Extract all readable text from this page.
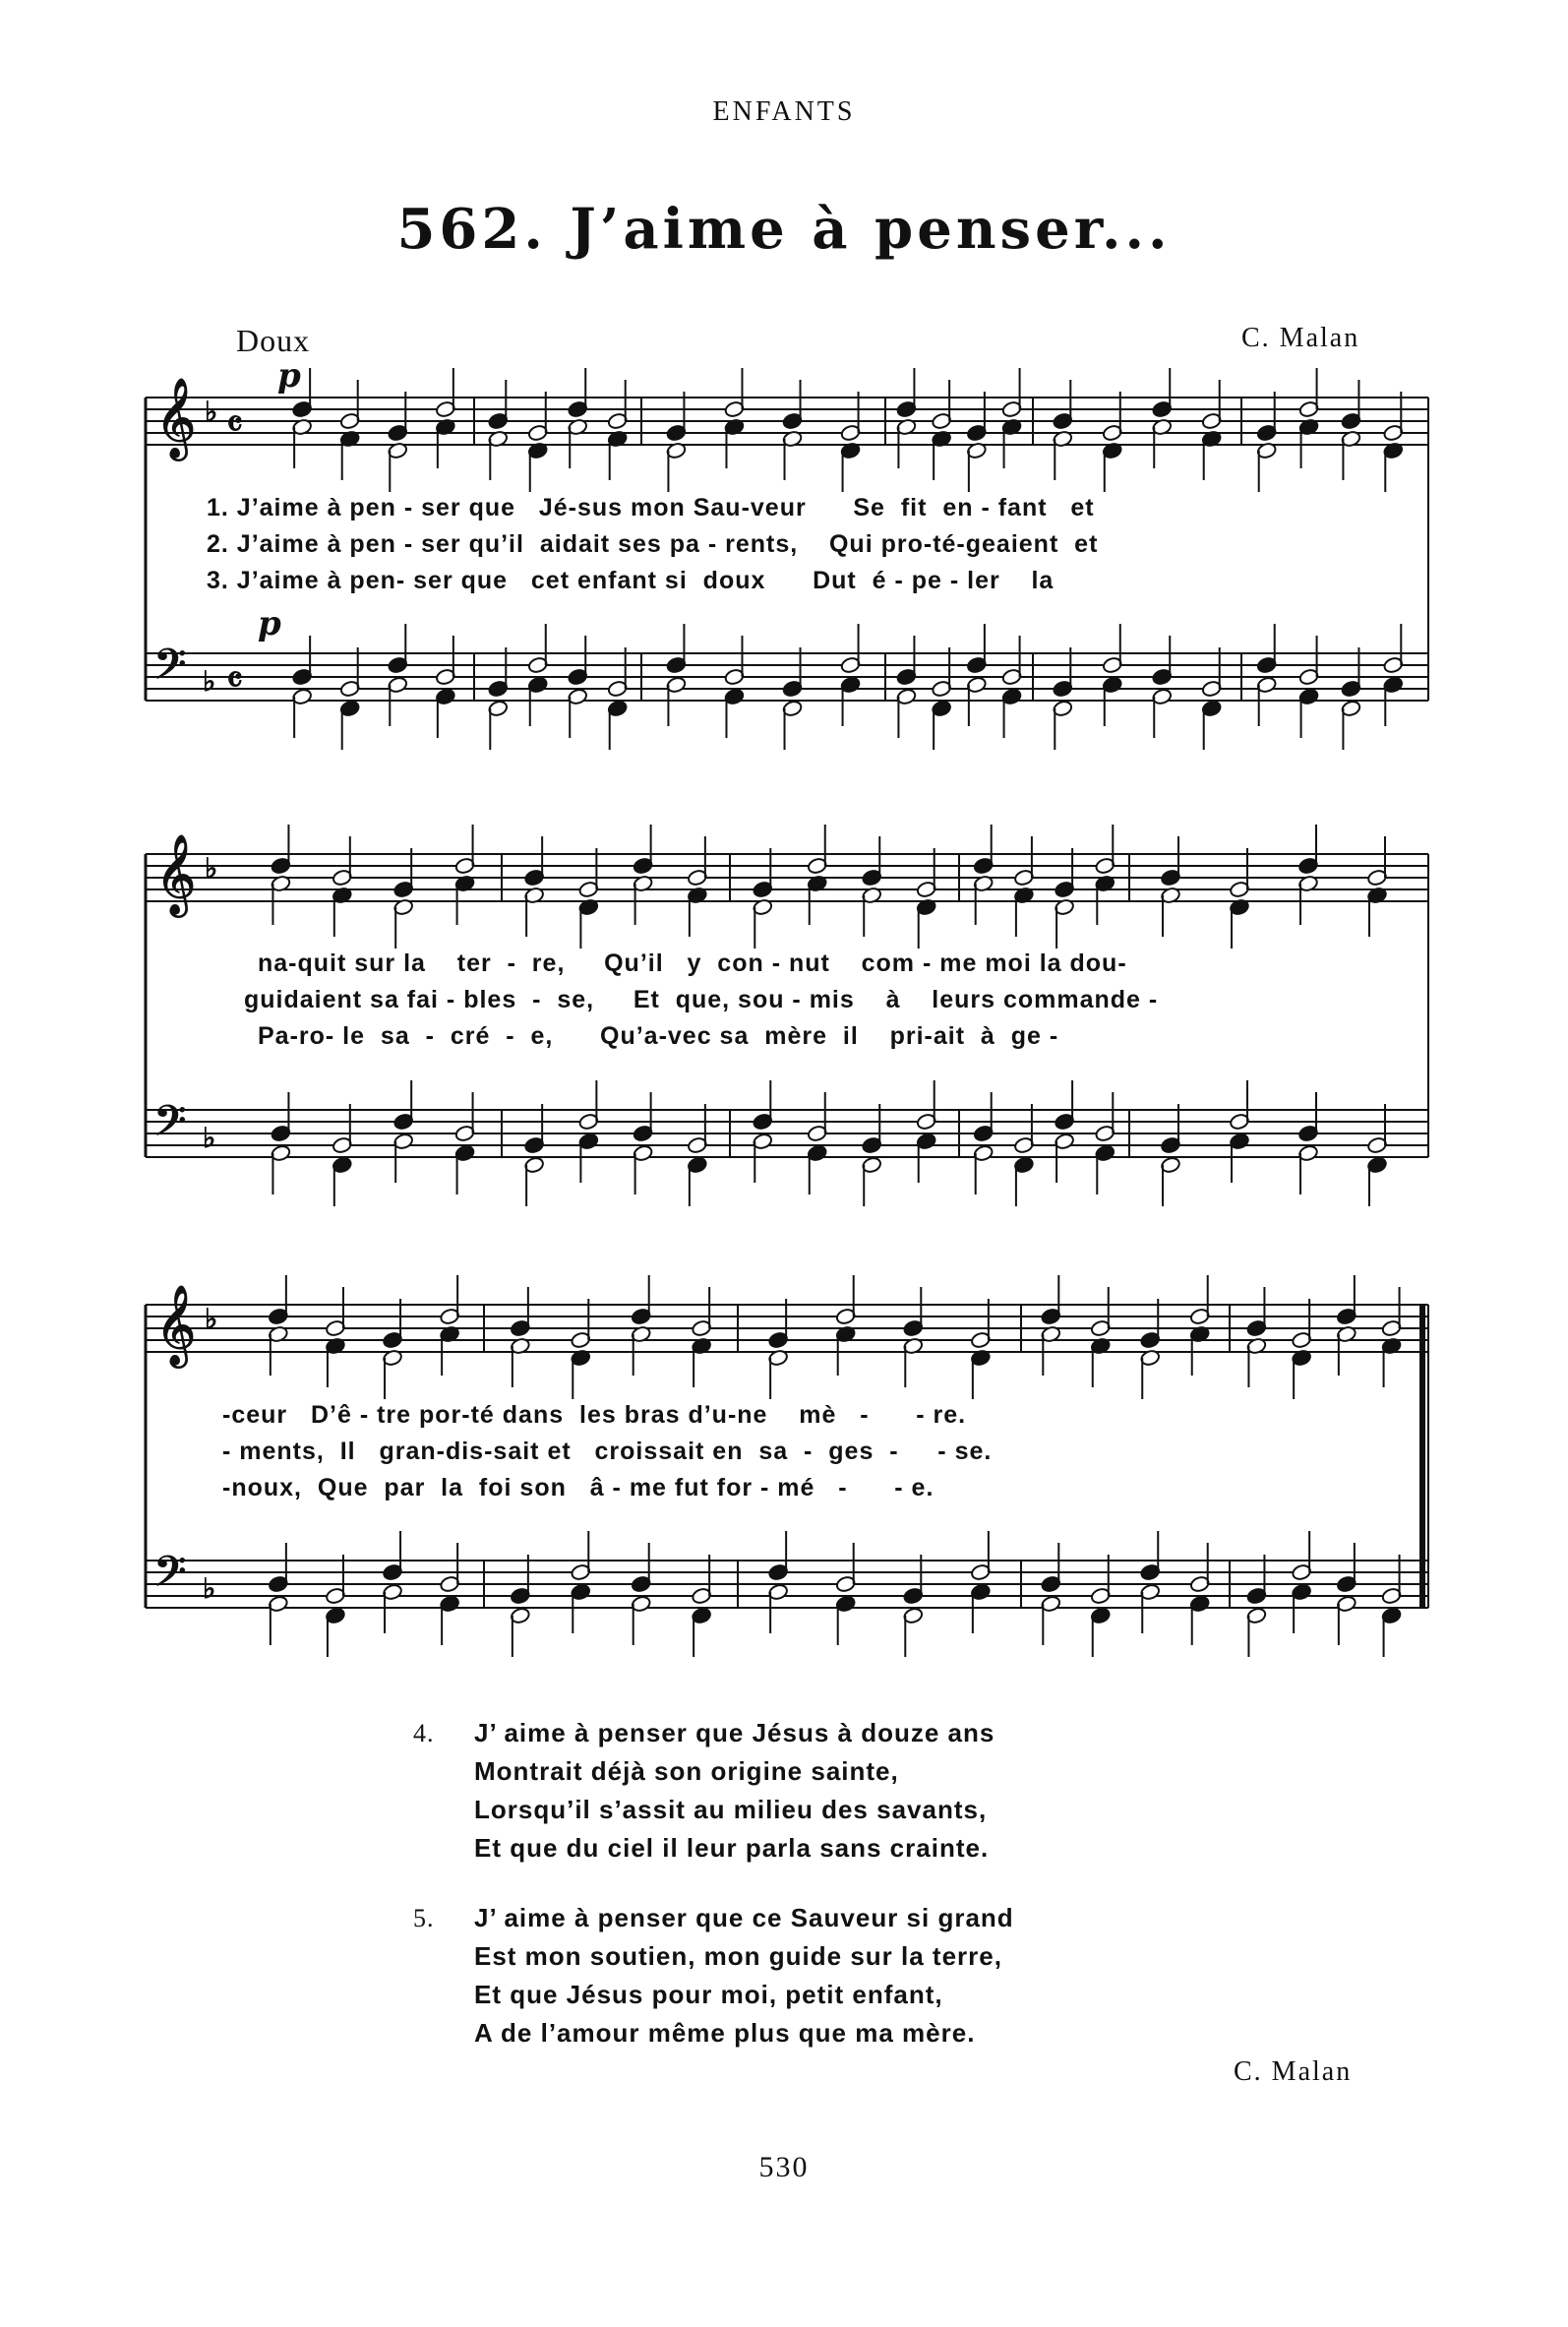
ENFANTS
562. J’aime à penser...
Doux	C. Malan
p
p
𝄞
𝄢
♭
♭
𝄴
𝄴
𝄞
𝄢
♭
♭
𝄞
𝄢
♭
♭
1. J’aime à pen - ser que   Jé-sus mon Sau-veur      Se  fit  en - fant   et
2. J’aime à pen - ser qu’il  aidait ses pa - rents,    Qui pro-té-geaient  et
3. J’aime à pen- ser que   cet enfant si  doux      Dut  é - pe - ler    la
na-quit sur la    ter  -  re,     Qu’il   y  con - nut    com - me moi la dou-
guidaient sa fai - bles  -  se,     Et  que, sou - mis    à    leurs commande -
Pa-ro- le  sa  -  cré  -  e,      Qu’a-vec sa  mère  il    pri-ait  à  ge -
-ceur   D’ê - tre por-té dans  les bras d’u-ne    mè   -      - re.
- ments,  Il   gran-dis-sait et   croissait en  sa  -  ges  -     - se.
-noux,  Que  par  la  foi son   â - me fut for - mé   -      - e.
4. J’ aime à penser que Jésus à douze ans
Montrait déjà son origine sainte,
Lorsqu’il s’assit au milieu des savants,
Et que du ciel il leur parla sans crainte.
5. J’ aime à penser que ce Sauveur si grand
Est mon soutien, mon guide sur la terre,
Et que Jésus pour moi, petit enfant,
A de l’amour même plus que ma mère.
C. Malan
530
